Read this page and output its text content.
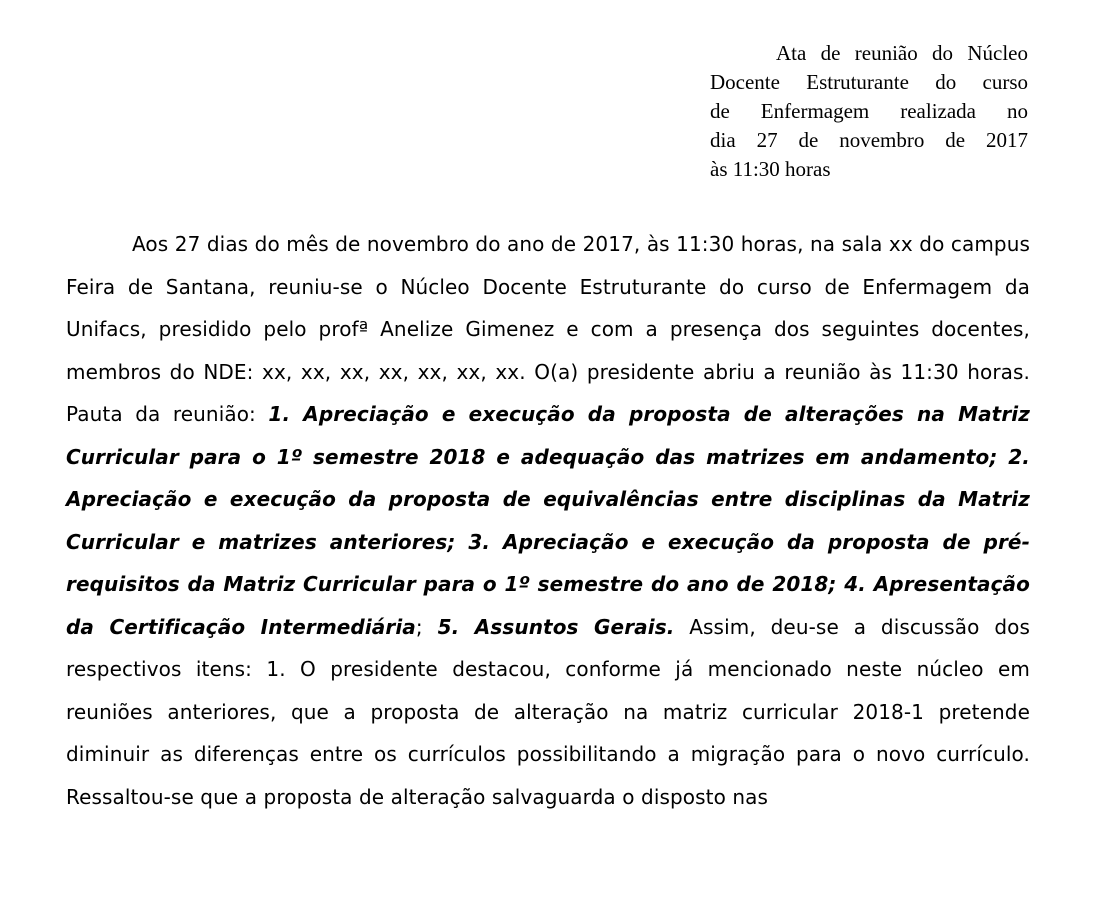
Ata de reunião do Núcleo
Docente Estruturante do curso
de Enfermagem realizada no
dia 27 de novembro de 2017
às 11:30 horas

Aos 27 dias do mês de novembro do ano de 2017, às 11:30 horas, na sala xx do campus Feira de Santana, reuniu-se o Núcleo Docente Estruturante do curso de Enfermagem da Unifacs, presidido pelo profª Anelize Gimenez e com a presença dos seguintes docentes, membros do NDE: xx, xx, xx, xx, xx, xx, xx. O(a) presidente abriu a reunião às 11:30 horas. Pauta da reunião: 1. Apreciação e execução da proposta de alterações na Matriz Curricular para o 1º semestre 2018 e adequação das matrizes em andamento; 2. Apreciação e execução da proposta de equivalências entre disciplinas da Matriz Curricular e matrizes anteriores; 3. Apreciação e execução da proposta de pré-requisitos da Matriz Curricular para o 1º semestre do ano de 2018; 4. Apresentação da Certificação Intermediária; 5. Assuntos Gerais. Assim, deu-se a discussão dos respectivos itens: 1. O presidente destacou, conforme já mencionado neste núcleo em reuniões anteriores, que a proposta de alteração na matriz curricular 2018-1 pretende diminuir as diferenças entre os currículos possibilitando a migração para o novo currículo. Ressaltou-se que a proposta de alteração salvaguarda o disposto nas
